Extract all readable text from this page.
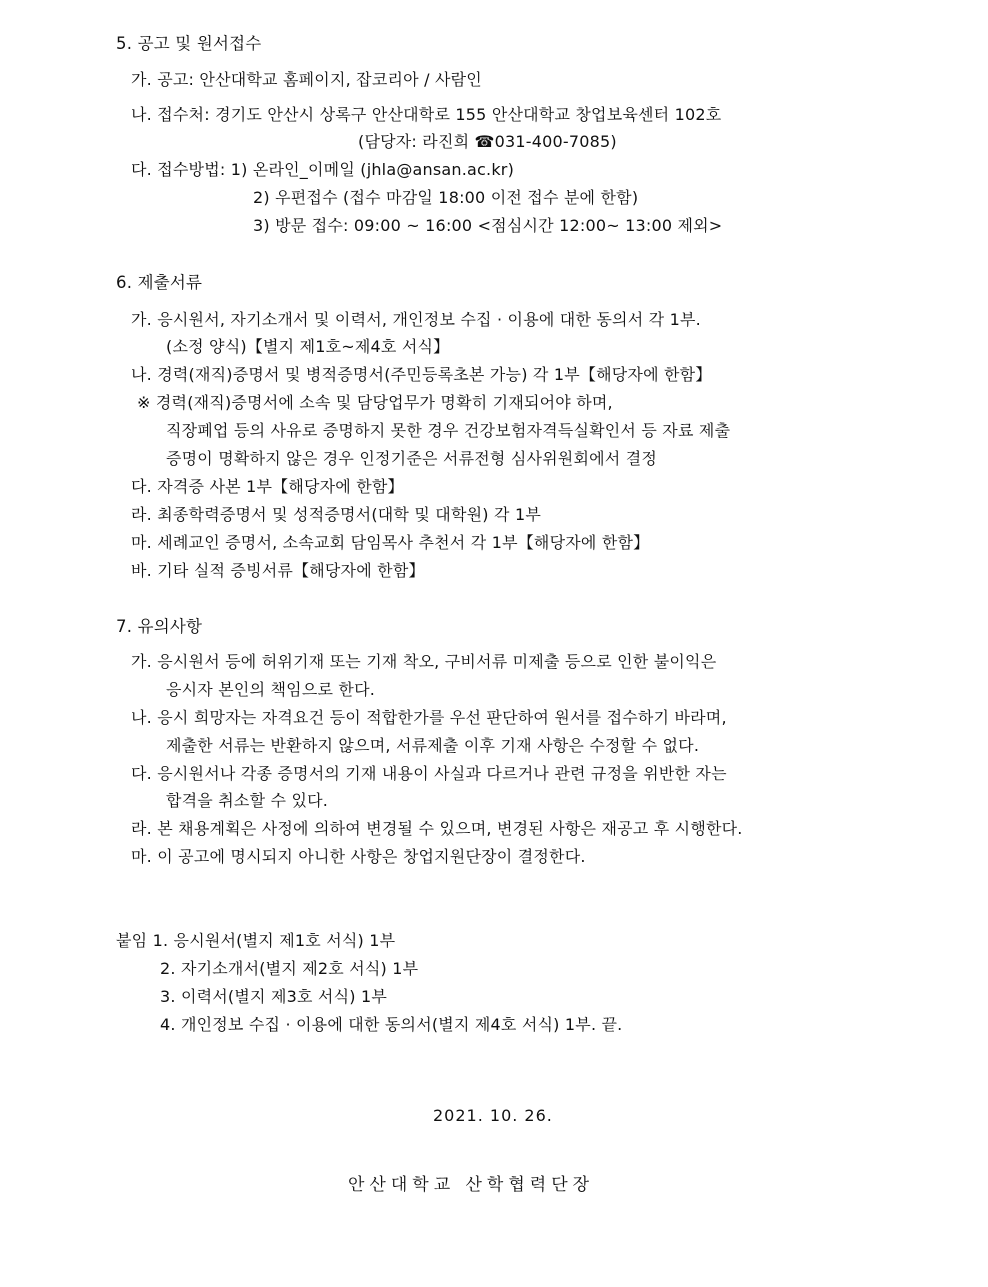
5. 공고 및 원서접수
가. 공고: 안산대학교 홈페이지, 잡코리아 / 사람인
나. 접수처: 경기도 안산시 상록구 안산대학로 155 안산대학교 창업보육센터 102호
(담당자: 라진희 ☎031-400-7085)
다. 접수방법: 1) 온라인_이메일 (jhla@ansan.ac.kr)
2) 우편접수 (접수 마감일 18:00 이전 접수 분에 한함)
3) 방문 접수: 09:00 ~ 16:00 <점심시간 12:00~ 13:00 제외>
6. 제출서류
가. 응시원서, 자기소개서 및 이력서, 개인정보 수집 · 이용에 대한 동의서 각 1부.
(소정 양식)【별지 제1호~제4호 서식】
나. 경력(재직)증명서 및 병적증명서(주민등록초본 가능) 각 1부【해당자에 한함】
※ 경력(재직)증명서에 소속 및 담당업무가 명확히 기재되어야 하며,
직장폐업 등의 사유로 증명하지 못한 경우 건강보험자격득실확인서 등 자료 제출
증명이 명확하지 않은 경우 인정기준은 서류전형 심사위원회에서 결정
다. 자격증 사본 1부【해당자에 한함】
라. 최종학력증명서 및 성적증명서(대학 및 대학원) 각 1부
마. 세례교인 증명서, 소속교회 담임목사 추천서 각 1부【해당자에 한함】
바. 기타 실적 증빙서류【해당자에 한함】
7. 유의사항
가. 응시원서 등에 허위기재 또는 기재 착오, 구비서류 미제출 등으로 인한 불이익은
응시자 본인의 책임으로 한다.
나. 응시 희망자는 자격요건 등이 적합한가를 우선 판단하여 원서를 접수하기 바라며,
제출한 서류는 반환하지 않으며, 서류제출 이후 기재 사항은 수정할 수 없다.
다. 응시원서나 각종 증명서의 기재 내용이 사실과 다르거나 관련 규정을 위반한 자는
합격을 취소할 수 있다.
라. 본 채용계획은 사정에 의하여 변경될 수 있으며, 변경된 사항은 재공고 후 시행한다.
마. 이 공고에 명시되지 아니한 사항은 창업지원단장이 결정한다.
붙임 1. 응시원서(별지 제1호 서식) 1부
2. 자기소개서(별지 제2호 서식) 1부
3. 이력서(별지 제3호 서식) 1부
4. 개인정보 수집 · 이용에 대한 동의서(별지 제4호 서식) 1부. 끝.
2021. 10. 26.
안산대학교 산학협력단장
